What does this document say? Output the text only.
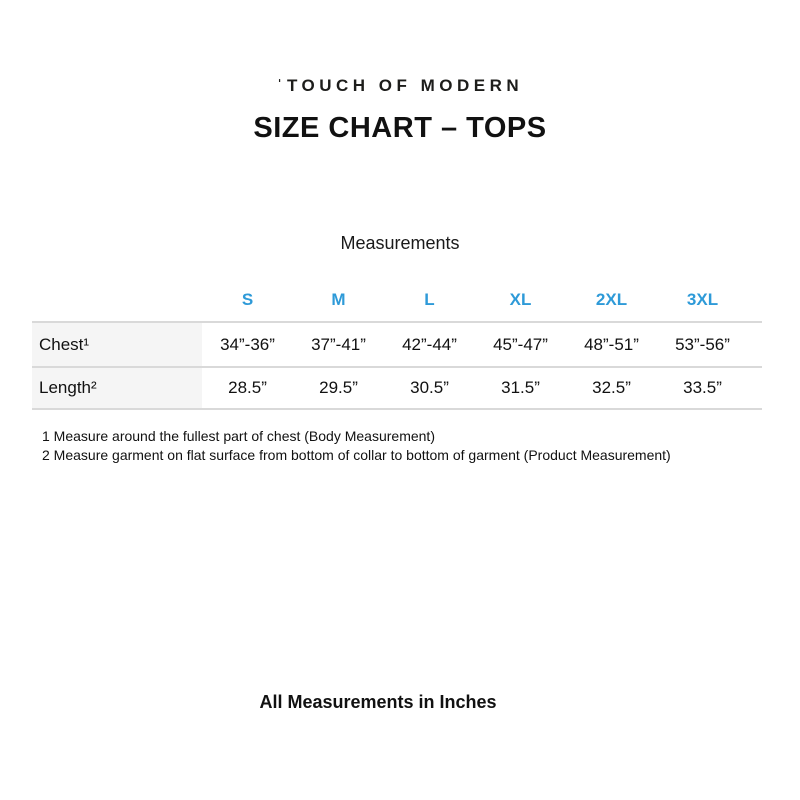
ˈTOUCH OF MODERN
SIZE CHART – TOPS
Measurements
	S	M	L	XL	2XL	3XL	
Chest¹	34”-36”	37”-41”	42”-44”	45”-47”	48”-51”	53”-56”	
Length²	28.5”	29.5”	30.5”	31.5”	32.5”	33.5”	
1 Measure around the fullest part of chest (Body Measurement)
2 Measure garment on flat surface from bottom of collar to bottom of garment (Product Measurement)
All Measurements in Inches
